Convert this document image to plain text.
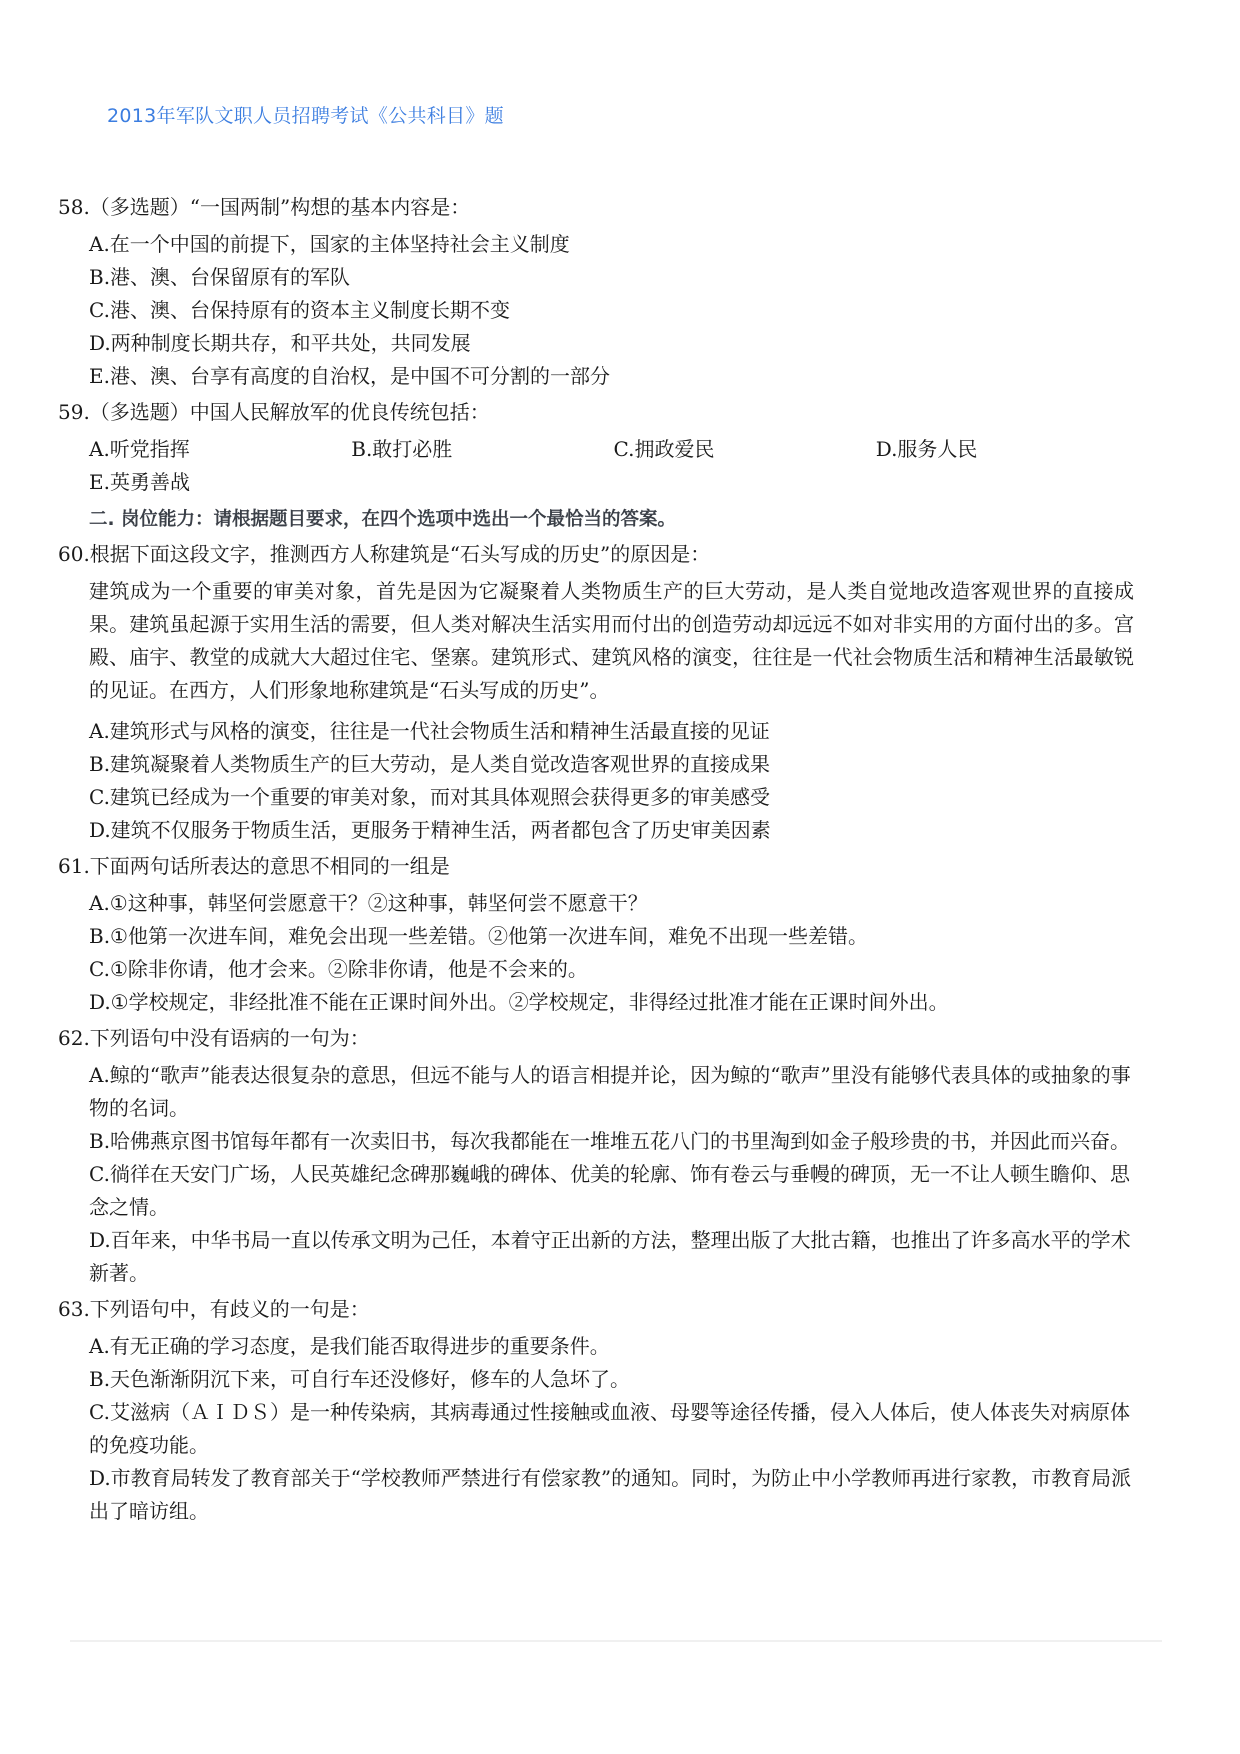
2013年军队文职人员招聘考试《公共科目》题
58.（多选题）“一国两制”构想的基本内容是：
A.在一个中国的前提下，国家的主体坚持社会主义制度
B.港、澳、台保留原有的军队
C.港、澳、台保持原有的资本主义制度长期不变
D.两种制度长期共存，和平共处，共同发展
E.港、澳、台享有高度的自治权，是中国不可分割的一部分
59.（多选题）中国人民解放军的优良传统包括：
A.听党指挥	B.敢打必胜	C.拥政爱民	D.服务人民
E.英勇善战
二. 岗位能力：请根据题目要求，在四个选项中选出一个最恰当的答案。
60.根据下面这段文字，推测西方人称建筑是“石头写成的历史”的原因是：
建筑成为一个重要的审美对象，首先是因为它凝聚着人类物质生产的巨大劳动，是人类自觉地改造客观世界的直接成果。建筑虽起源于实用生活的需要，但人类对解决生活实用而付出的创造劳动却远远不如对非实用的方面付出的多。宫殿、庙宇、教堂的成就大大超过住宅、堡寨。建筑形式、建筑风格的演变，往往是一代社会物质生活和精神生活最敏锐的见证。在西方，人们形象地称建筑是“石头写成的历史”。
A.建筑形式与风格的演变，往往是一代社会物质生活和精神生活最直接的见证
B.建筑凝聚着人类物质生产的巨大劳动，是人类自觉改造客观世界的直接成果
C.建筑已经成为一个重要的审美对象，而对其具体观照会获得更多的审美感受
D.建筑不仅服务于物质生活，更服务于精神生活，两者都包含了历史审美因素
61.下面两句话所表达的意思不相同的一组是
A.①这种事，韩坚何尝愿意干？②这种事，韩坚何尝不愿意干？
B.①他第一次进车间，难免会出现一些差错。②他第一次进车间，难免不出现一些差错。
C.①除非你请，他才会来。②除非你请，他是不会来的。
D.①学校规定，非经批准不能在正课时间外出。②学校规定，非得经过批准才能在正课时间外出。
62.下列语句中没有语病的一句为：
A.鲸的“歌声”能表达很复杂的意思，但远不能与人的语言相提并论，因为鲸的“歌声”里没有能够代表具体的或抽象的事物的名词。
B.哈佛燕京图书馆每年都有一次卖旧书，每次我都能在一堆堆五花八门的书里淘到如金子般珍贵的书，并因此而兴奋。
C.徜徉在天安门广场，人民英雄纪念碑那巍峨的碑体、优美的轮廓、饰有卷云与垂幔的碑顶，无一不让人顿生瞻仰、思念之情。
D.百年来，中华书局一直以传承文明为己任，本着守正出新的方法，整理出版了大批古籍，也推出了许多高水平的学术新著。
63.下列语句中，有歧义的一句是：
A.有无正确的学习态度，是我们能否取得进步的重要条件。
B.天色渐渐阴沉下来，可自行车还没修好，修车的人急坏了。
C.艾滋病（ＡＩＤＳ）是一种传染病，其病毒通过性接触或血液、母婴等途径传播，侵入人体后，使人体丧失对病原体的免疫功能。
D.市教育局转发了教育部关于“学校教师严禁进行有偿家教”的通知。同时，为防止中小学教师再进行家教，市教育局派出了暗访组。
